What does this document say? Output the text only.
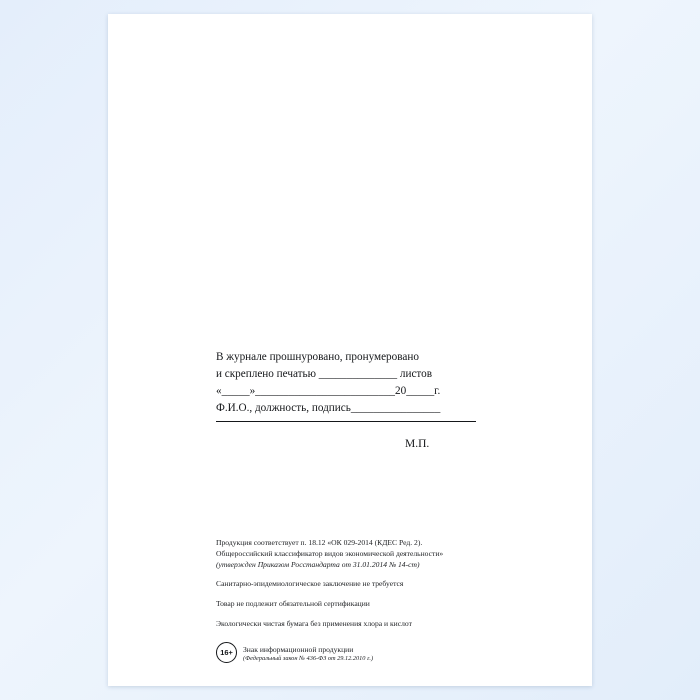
В журнале прошнуровано, пронумеровано
и скреплено печатью ______________ листов
«_____»_________________________20_____г.
Ф.И.О., должность, подпись________________
М.П.
Продукция соответствует п. 18.12 «ОК 029-2014 (КДЕС Ред. 2).
Общероссийский классификатор видов экономической деятельности»
(утвержден Приказом Росстандарта от 31.01.2014 № 14-ст)
Санитарно-эпидемиологическое заключение не требуется
Товар не подлежит обязательной сертификации
Экологически чистая бумага без применения хлора и кислот
16+	Знак информационной продукции
(Федеральный закон № 436-ФЗ от 29.12.2010 г.)
